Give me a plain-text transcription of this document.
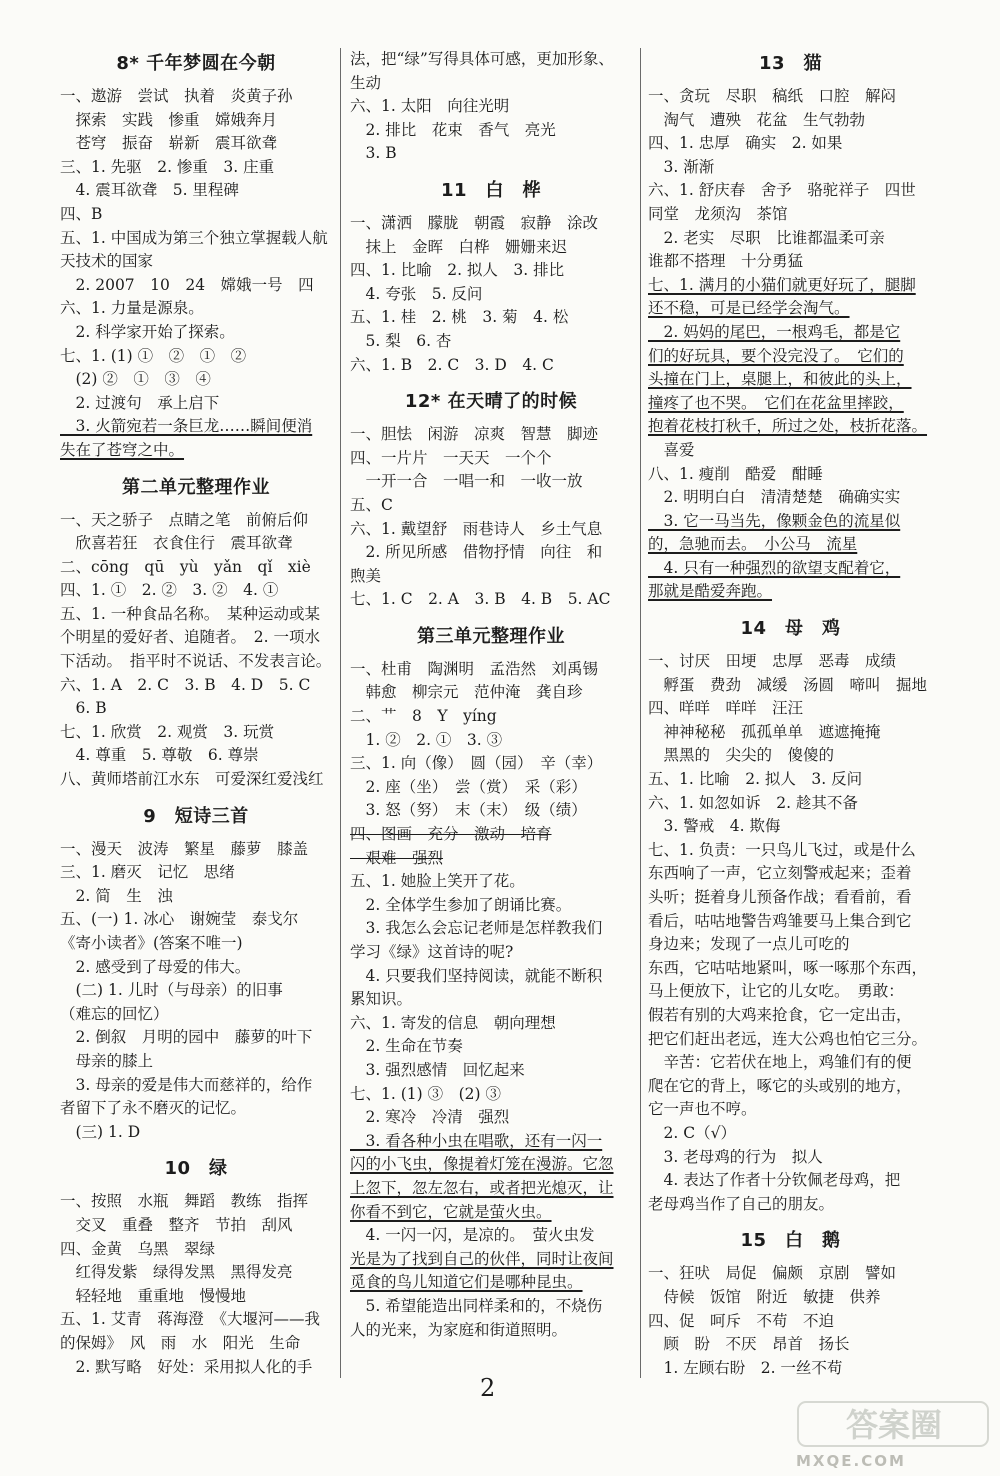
8* 千年梦圆在今朝
一、遨游　尝试　执着　炎黄子孙
　探索　实践　惨重　嫦娥奔月
　苍穹　振奋　崭新　震耳欲聋
三、1. 先驱　2. 惨重　3. 庄重
　4. 震耳欲聋　5. 里程碑
四、B
五、1. 中国成为第三个独立掌握载人航
天技术的国家
　2. 2007　10　24　嫦娥一号　四
六、1. 力量是源泉。
　2. 科学家开始了探索。
七、1. (1) ①　②　①　②
　(2) ②　①　③　④
　2. 过渡句　承上启下
　3. 火箭宛若一条巨龙……瞬间便消
失在了苍穹之中。
第二单元整理作业
一、天之骄子　点睛之笔　前俯后仰
　欣喜若狂　衣食住行　震耳欲聋
二、cōng　qū　yù　yǎn　qǐ　xiè
四、1. ①　2. ②　3. ②　4. ①
五、1. 一种食品名称。　某种运动或某
个明星的爱好者、追随者。　2. 一项水
下活动。　指平时不说话、不发表言论。
六、1. A　2. C　3. B　4. D　5. C
　6. B
七、1. 欣赏　2. 观赏　3. 玩赏
　4. 尊重　5. 尊敬　6. 尊崇
八、黄师塔前江水东　可爱深红爱浅红
9　短诗三首
一、漫天　波涛　繁星　藤萝　膝盖
三、1. 磨灭　记忆　思绪
　2. 简　生　浊
五、(一) 1. 冰心　谢婉莹　泰戈尔
《寄小读者》(答案不唯一)
　2. 感受到了母爱的伟大。
　(二) 1. 儿时（与母亲）的旧事
（难忘的回忆）
　2. 倒叙　月明的园中　藤萝的叶下
　母亲的膝上
　3. 母亲的爱是伟大而慈祥的，给作
者留下了永不磨灭的记忆。
　(三) 1. D
10　绿
一、按照　水瓶　舞蹈　教练　指挥
　交叉　重叠　整齐　节拍　刮风
四、金黄　乌黑　翠绿
　红得发紫　绿得发黑　黑得发亮
　轻轻地　重重地　慢慢地
五、1. 艾青　蒋海澄　《大堰河——我
的保姆》　风　雨　水　阳光　生命
　2. 默写略　好处：采用拟人化的手
法，把“绿”写得具体可感，更加形象、
生动
六、1. 太阳　向往光明
　2. 排比　花束　香气　亮光
　3. B
11　白　桦
一、潇洒　朦胧　朝霞　寂静　涂改
　抹上　金晖　白桦　姗姗来迟
四、1. 比喻　2. 拟人　3. 排比
　4. 夸张　5. 反问
五、1. 桂　2. 桃　3. 菊　4. 松
　5. 梨　6. 杏
六、1. B　2. C　3. D　4. C
12* 在天晴了的时候
一、胆怯　闲游　凉爽　智慧　脚迹
四、一片片　一天天　一个个
　一开一合　一唱一和　一收一放
五、C
六、1. 戴望舒　雨巷诗人　乡土气息
　2. 所见所感　借物抒情　向往　和
煦美
七、1. C　2. A　3. B　4. B　5. AC
第三单元整理作业
一、杜甫　陶渊明　孟浩然　刘禹锡
　韩愈　柳宗元　范仲淹　龚自珍
二、艹　8　Y　yíng
　1. ②　2. ①　3. ③
三、1. 向（像）　圆（园）　辛（幸）
　2. 座（坐）　尝（赏）　采（彩）
　3. 怒（努）　末（末）　级（绩）
四、图画　充分　激动　培育
　艰难　强烈
五、1. 她脸上笑开了花。
　2. 全体学生参加了朗诵比赛。
　3. 我怎么会忘记老师是怎样教我们
学习《绿》这首诗的呢?
　4. 只要我们坚持阅读，就能不断积
累知识。
六、1. 寄发的信息　朝向理想
　2. 生命在节奏
　3. 强烈感情　回忆起来
七、1. (1) ③　(2) ③
　2. 寒冷　冷清　强烈
　3. 看各种小虫在唱歌，还有一闪一
闪的小飞虫，像提着灯笼在漫游。它忽
上忽下，忽左忽右，或者把光熄灭，让
你看不到它，它就是萤火虫。
　4. 一闪一闪，是凉的。　萤火虫发
光是为了找到自己的伙伴，同时让夜间
觅食的鸟儿知道它们是哪种昆虫。
　5. 希望能造出同样柔和的，不烧伤
人的光来，为家庭和街道照明。
13　猫
一、贪玩　尽职　稿纸　口腔　解闷
　淘气　遭殃　花盆　生气勃勃
四、1. 忠厚　确实　2. 如果
　3. 渐渐
六、1. 舒庆春　舍予　骆驼祥子　四世
同堂　龙须沟　茶馆
　2. 老实　尽职　比谁都温柔可亲
谁都不搭理　十分勇猛
七、1. 满月的小猫们就更好玩了，腿脚
还不稳，可是已经学会淘气。
　2. 妈妈的尾巴，一根鸡毛，都是它
们的好玩具，要个没完没了。　它们的
头撞在门上，桌腿上，和彼此的头上，
撞疼了也不哭。　它们在花盆里摔跤，
抱着花枝打秋千，所过之处，枝折花落。
　喜爱
八、1. 瘦削　酷爱　酣睡
　2. 明明白白　清清楚楚　确确实实
　3. 它一马当先，像颗金色的流星似
的，急驰而去。　小公马　流星
　4. 只有一种强烈的欲望支配着它，
那就是酷爱奔跑。
14　母　鸡
一、讨厌　田埂　忠厚　恶毒　成绩
　孵蛋　费劲　减缓　汤圆　啼叫　掘地
四、咩咩　咩咩　汪汪
　神神秘秘　孤孤单单　遮遮掩掩
　黑黑的　尖尖的　傻傻的
五、1. 比喻　2. 拟人　3. 反问
六、1. 如忽如诉　2. 趁其不备
　3. 警戒　4. 欺侮
七、1. 负责：一只鸟儿飞过，或是什么
东西响了一声，它立刻警戒起来；歪着
头听；挺着身儿预备作战；看看前，看
看后，咕咕地警告鸡雏要马上集合到它
身边来；发现了一点儿可吃的
东西，它咕咕地紧叫，啄一啄那个东西，
马上便放下，让它的儿女吃。　勇敢：
假若有别的大鸡来抢食，它一定出击，
把它们赶出老远，连大公鸡也怕它三分。
　辛苦：它若伏在地上，鸡雏们有的便
爬在它的背上，啄它的头或别的地方，
它一声也不哼。
　2. C（√）
　3. 老母鸡的行为　拟人
　4. 表达了作者十分钦佩老母鸡，把
老母鸡当作了自己的朋友。
15　白　鹅
一、狂吠　局促　偏颇　京剧　譬如
　侍候　饭馆　附近　敏捷　供养
四、促　呵斥　不苟　不迫
　顾　盼　不厌　昂首　扬长
　1. 左顾右盼　2. 一丝不苟
2
答案圈
MXQE.COM
